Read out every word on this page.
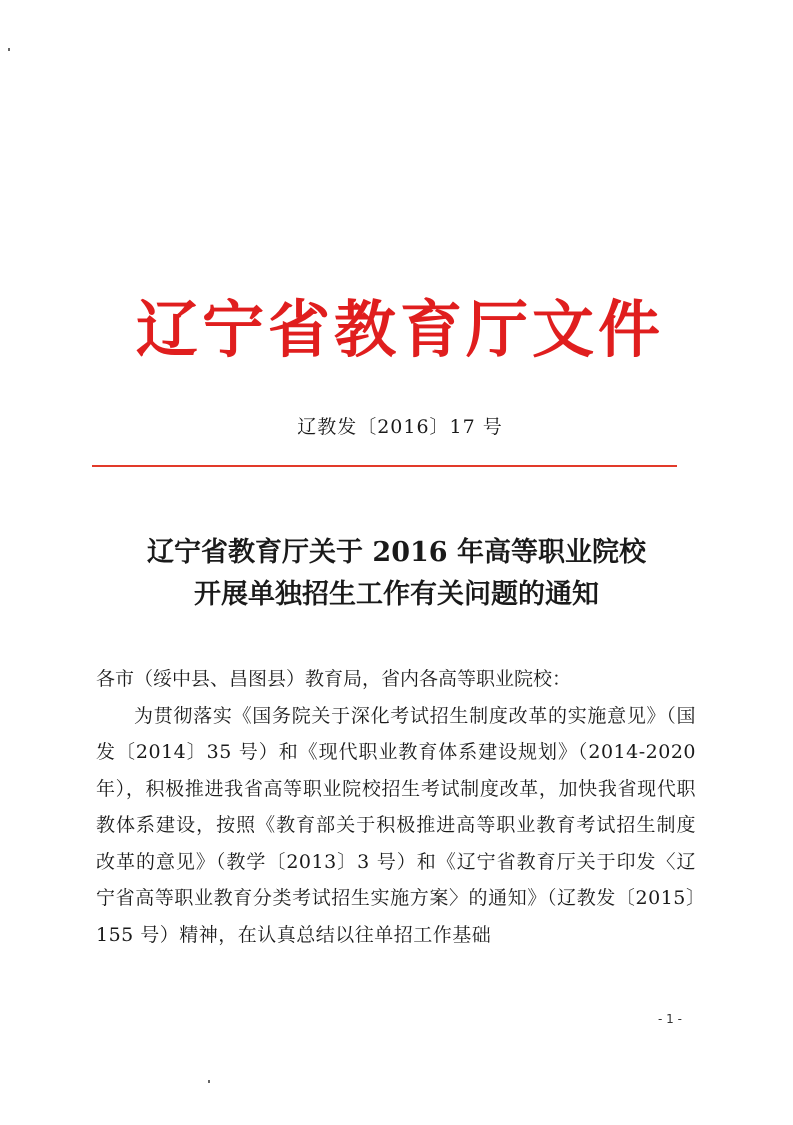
辽宁省教育厅文件
辽教发〔2016〕17 号
辽宁省教育厅关于 2016 年高等职业院校
开展单独招生工作有关问题的通知
各市（绥中县、昌图县）教育局，省内各高等职业院校：
为贯彻落实《国务院关于深化考试招生制度改革的实施意见》（国发〔2014〕35 号）和《现代职业教育体系建设规划》（2014-2020 年），积极推进我省高等职业院校招生考试制度改革，加快我省现代职教体系建设，按照《教育部关于积极推进高等职业教育考试招生制度改革的意见》（教学〔2013〕3 号）和《辽宁省教育厅关于印发〈辽宁省高等职业教育分类考试招生实施方案〉的通知》（辽教发〔2015〕155 号）精神，在认真总结以往单招工作基础
- 1 -
